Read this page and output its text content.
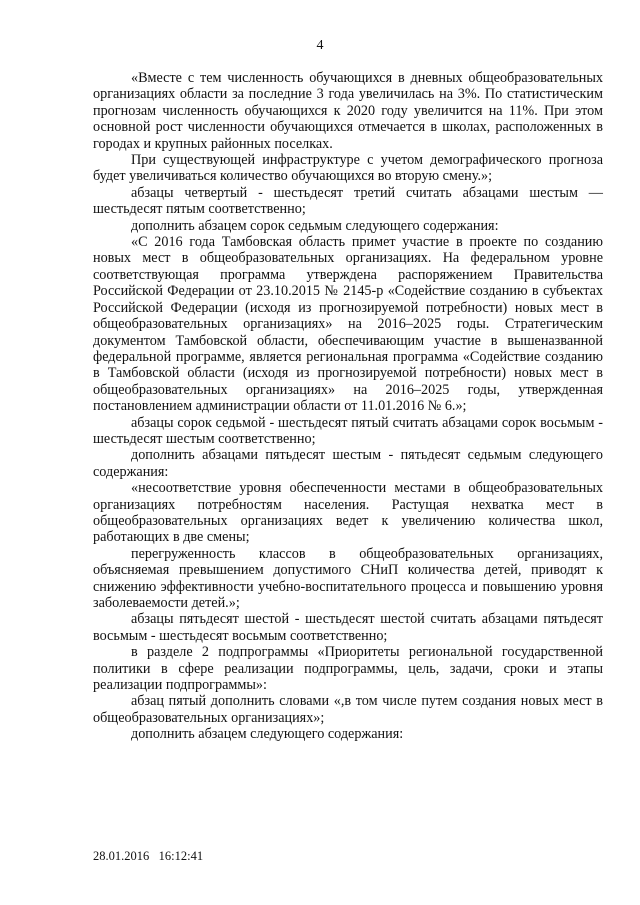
4

«Вместе с тем численность обучающихся в дневных общеобразовательных организациях области за последние 3 года увеличилась на 3%. По статистическим прогнозам численность обучающихся к 2020 году увеличится на 11%. При этом основной рост численности обучающихся отмечается в школах, расположенных в городах и крупных районных поселках.

При существующей инфраструктуре с учетом демографического прогноза будет увеличиваться количество обучающихся во вторую смену.»;

абзацы четвертый - шестьдесят третий считать абзацами шестым — шестьдесят пятым соответственно;

дополнить абзацем сорок седьмым следующего содержания:

«С 2016 года Тамбовская область примет участие в проекте по созданию новых мест в общеобразовательных организациях. На федеральном уровне соответствующая программа утверждена распоряжением Правительства Российской Федерации от 23.10.2015 № 2145-р «Содействие созданию в субъектах Российской Федерации (исходя из прогнозируемой потребности) новых мест в общеобразовательных организациях» на 2016–2025 годы. Стратегическим документом Тамбовской области, обеспечивающим участие в вышеназванной федеральной программе, является региональная программа «Содействие созданию в Тамбовской области (исходя из прогнозируемой потребности) новых мест в общеобразовательных организациях» на 2016–2025 годы, утвержденная постановлением администрации области от 11.01.2016 № 6.»;

абзацы сорок седьмой - шестьдесят пятый считать абзацами сорок восьмым - шестьдесят шестым соответственно;

дополнить абзацами пятьдесят шестым - пятьдесят седьмым следующего содержания:

«несоответствие уровня обеспеченности местами в общеобразовательных организациях потребностям населения. Растущая нехватка мест в общеобразовательных организациях ведет к увеличению количества школ, работающих в две смены;

перегруженность классов в общеобразовательных организациях, объясняемая превышением допустимого СНиП количества детей, приводят к снижению эффективности учебно-воспитательного процесса и повышению уровня заболеваемости детей.»;

абзацы пятьдесят шестой - шестьдесят шестой считать абзацами пятьдесят восьмым - шестьдесят восьмым соответственно;

в разделе 2 подпрограммы «Приоритеты региональной государственной политики в сфере реализации подпрограммы, цель, задачи, сроки и этапы реализации подпрограммы»:

абзац пятый дополнить словами «,в том числе путем создания новых мест в общеобразовательных организациях»;

дополнить абзацем следующего содержания:

28.01.2016 16:12:41
